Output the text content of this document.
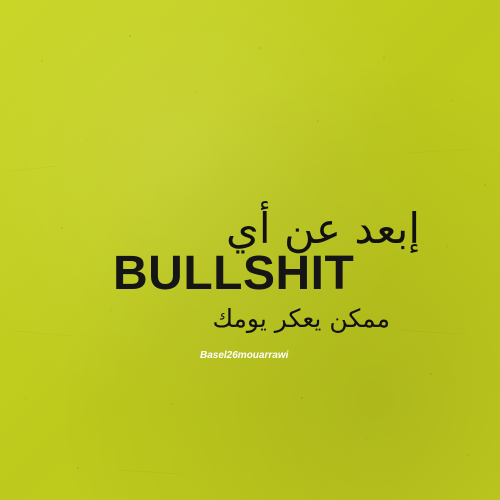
إبعد عن أي
BULLSHIT
ممكن يعكر يومك
Basel26mouarrawi
